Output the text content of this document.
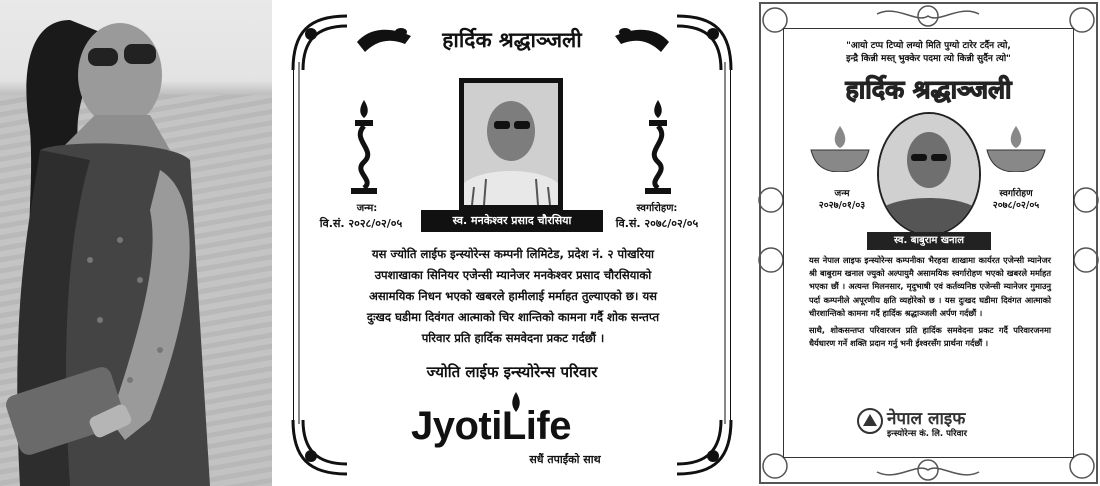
हार्दिक श्रद्धाञ्जली
जन्म:
वि.सं. २०२८/०२/०५	स्व. मनकेश्वर प्रसाद चौरसिया
स्वर्गारोहण:
वि.सं. २०७८/०२/०५
यस ज्योति लाईफ इन्स्योरेन्स कम्पनी लिमिटेड, प्रदेश नं. २ पोखरिया
उपशाखाका सिनियर एजेन्सी म्यानेजर मनकेश्वर प्रसाद चौरसियाको
असामयिक निधन भएको खबरले हामीलाई मर्माहत तुल्याएको छ। यस
दुःखद घडीमा दिवंगत आत्माको चिर शान्तिको कामना गर्दै शोक सन्तप्त
परिवार प्रति हार्दिक समवेदना प्रकट गर्दछौं ।
ज्योति लाईफ इन्स्योरेन्स परिवार
JyotiLife
सधैं तपाईंको साथ
"आयो टप्प टिप्यो लग्यो मिति पुग्यो टारेर टर्दैन त्यो,
इन्द्रै किन्नी मस्त् भुक्केर पदमा त्यो किन्नी सुर्दैन त्यो"
हार्दिक श्रद्धाञ्जली
जन्म
२०२७/०१/०३
स्वर्गारोहण
२०७८/०२/०५
स्व. बाबुराम खनाल

यस नेपाल लाइफ इन्स्योरेन्स कम्पनीका भैरहवा शाखामा कार्यरत एजेन्सी म्यानेजर श्री बाबुराम खनाल ज्युको अल्पायुमै असामयिक स्वर्गारोहण भएको खबरले मर्माहत भएका छौं । अत्यन्त मिलनसार, मृदुभाषी एवं कर्तव्यनिष्ठ एजेन्सी म्यानेजर गुमाउनु पर्दा कम्पनीले अपूरणीय क्षति व्यहोरेको छ । यस दुःखद घडीमा दिवंगत आत्माको चीरशान्तिको कामना गर्दै हार्दिक श्रद्धाञ्जली अर्पण गर्दछौं ।

साथै, शोकसन्तप्त परिवारजन प्रति हार्दिक समवेदना प्रकट गर्दै परिवारजनमा धैर्यधारण गर्ने शक्ति प्रदान गर्नु भनी ईश्वरसँग प्रार्थना गर्दछौं ।

नेपाल लाइफ
इन्स्योरेन्स कं. लि. परिवार
